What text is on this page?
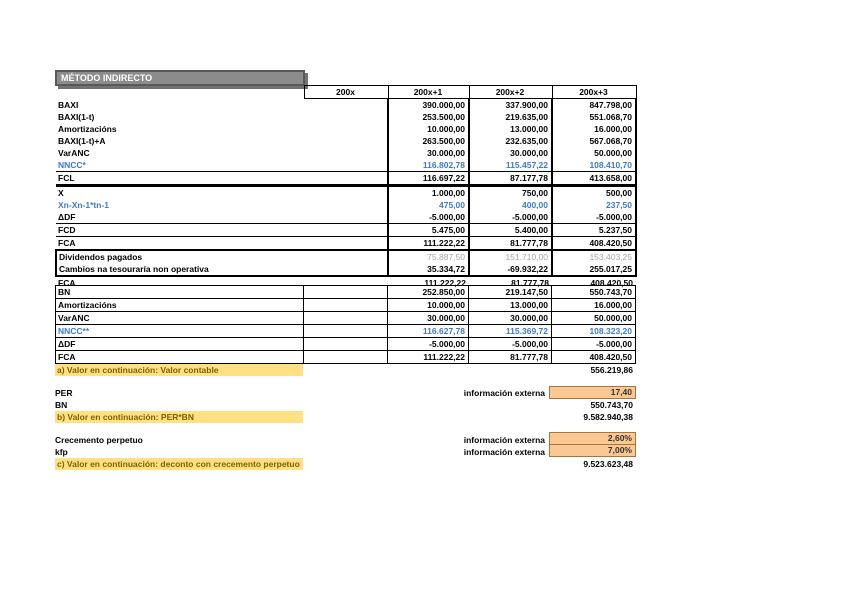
MÉTODO INDIRECTO
	200x	200x+1	200x+2	200x+3
BAXI		390.000,00	337.900,00	847.798,00
BAXI(1-t)		253.500,00	219.635,00	551.068,70
Amortizacións		10.000,00	13.000,00	16.000,00
BAXI(1-t)+A		263.500,00	232.635,00	567.068,70
VarANC		30.000,00	30.000,00	50.000,00
NNCC*		116.802,78	115.457,22	108.410,70
FCL		116.697,22	87.177,78	413.658,00
X		1.000,00	750,00	500,00
Xn-Xn-1*tn-1		475,00	400,00	237,50
ΔDF		-5.000,00	-5.000,00	-5.000,00
FCD		5.475,00	5.400,00	5.237,50
FCA		111.222,22	81.777,78	408.420,50
Dividendos pagados		75.887,50	151.710,00	153.403,25
Cambios na tesouraría non operativa		35.334,72	-69.932,22	255.017,25
FCA		111.222,22	81.777,78	408.420,50
BN		252.850,00	219.147,50	550.743,70
Amortizacións		10.000,00	13.000,00	16.000,00
VarANC		30.000,00	30.000,00	50.000,00
NNCC**		116.627,78	115.369,72	108.323,20
ΔDF		-5.000,00	-5.000,00	-5.000,00
FCA		111.222,22	81.777,78	408.420,50
a) Valor en continuación: Valor contable	556.219,86
PER	información externa	17,40
BN	550.743,70
b) Valor en continuación: PER*BN	9.582.940,38
Crecemento perpetuo	información externa	2,60%
kfp	información externa	7,00%
c) Valor en continuación: deconto con crecemento perpetuo	9.523.623,48
